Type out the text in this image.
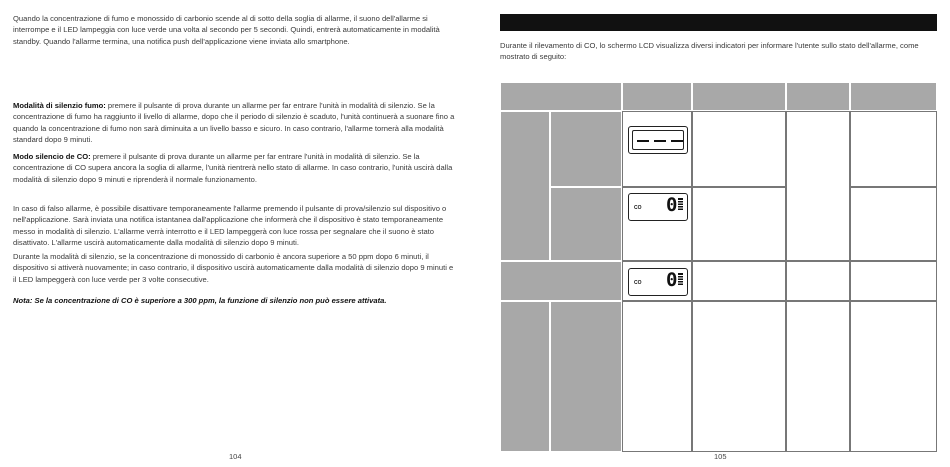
Quando la concentrazione di fumo e monossido di carbonio scende al di sotto della soglia di allarme, il suono dell'allarme si interrompe e il LED lampeggia con luce verde una volta al secondo per 5 secondi. Quindi, entrerà automaticamente in modalità standby. Quando l'allarme termina, una notifica push dell'applicazione viene inviata allo smartphone.

Modalità di silenzio fumo: premere il pulsante di prova durante un allarme per far entrare l'unità in modalità di silenzio. Se la concentrazione di fumo ha raggiunto il livello di allarme, dopo che il periodo di silenzio è scaduto, l'unità continuerà a suonare fino a quando la concentrazione di fumo non sarà diminuita a un livello basso e sicuro. In caso contrario, l'allarme tornerà alla modalità standard dopo 9 minuti.

Modo silencio de CO: premere il pulsante di prova durante un allarme per far entrare l'unità in modalità di silenzio. Se la concentrazione di CO supera ancora la soglia di allarme, l'unità rientrerà nello stato di allarme. In caso contrario, l'unità uscirà dalla modalità di silenzio dopo 9 minuti e riprenderà il normale funzionamento.

In caso di falso allarme, è possibile disattivare temporaneamente l'allarme premendo il pulsante di prova/silenzio sul dispositivo o nell'applicazione. Sarà inviata una notifica istantanea dall'applicazione che informerà che il dispositivo è stato temporaneamente messo in modalità di silenzio. L'allarme verrà interrotto e il LED lampeggerà con luce rossa per segnalare che il suono è stato disattivato. L'allarme uscirà automaticamente dalla modalità di silenzio dopo 9 minuti.

Durante la modalità di silenzio, se la concentrazione di monossido di carbonio è ancora superiore a 50 ppm dopo 6 minuti, il dispositivo si attiverà nuovamente; in caso contrario, il dispositivo uscirà automaticamente dalla modalità di silenzio dopo 9 minuti e il LED lampeggerà con luce verde per 3 volte consecutive.

Nota: Se la concentrazione di CO è superiore a 300 ppm, la funzione di silenzio non può essere attivata.

104

Durante il rilevamento di CO, lo schermo LCD visualizza diversi indicatori per informare l'utente sullo stato dell'allarme, come mostrato di seguito:

CO 0
CO 0
105
